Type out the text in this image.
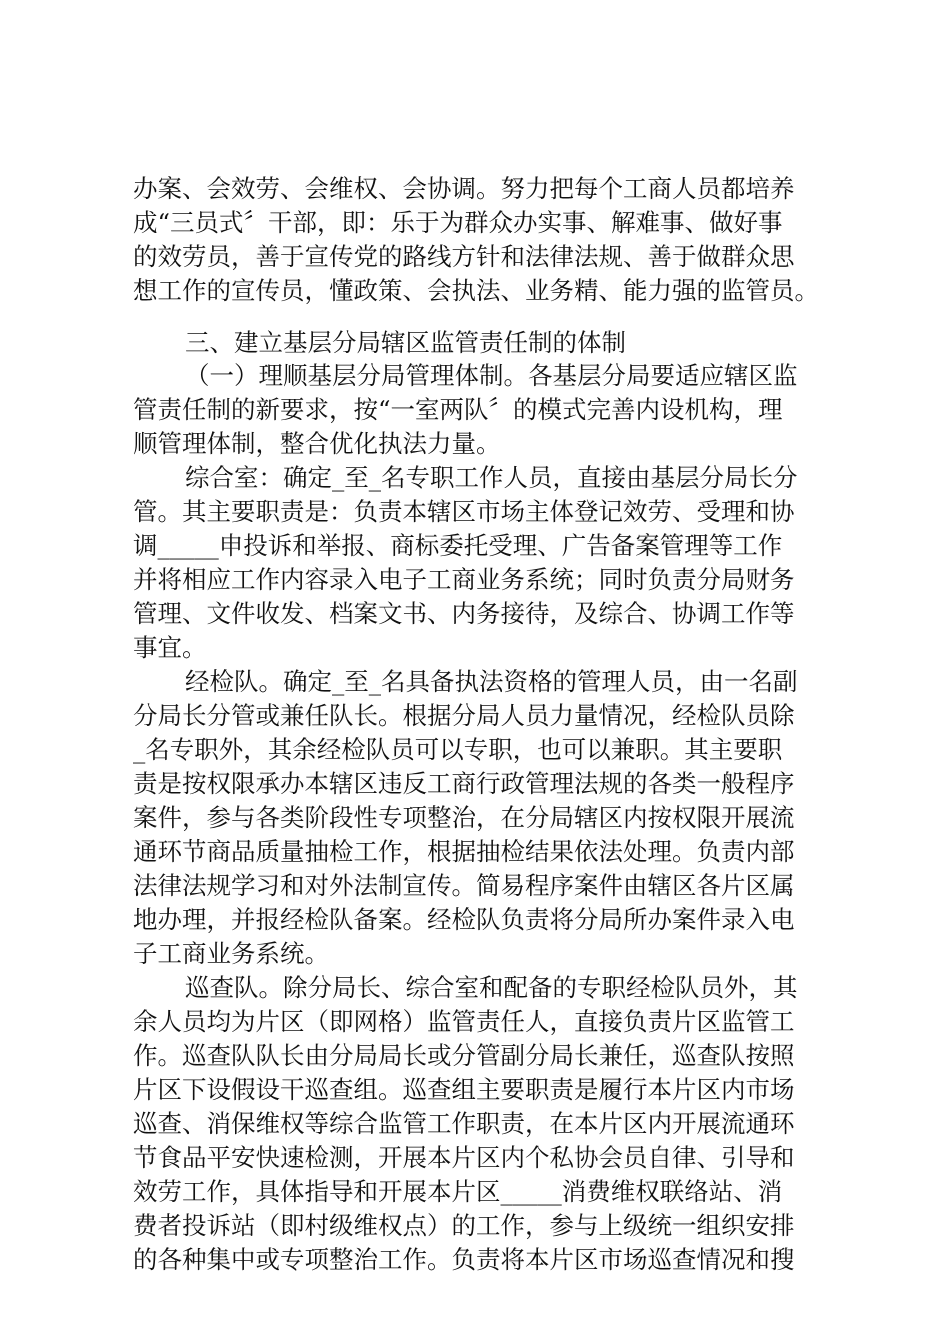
办案、会效劳、会维权、会协调。努力把每个工商人员都培养
成“三员式〞干部，即：乐于为群众办实事、解难事、做好事
的效劳员，善于宣传党的路线方针和法律法规、善于做群众思
想工作的宣传员，懂政策、会执法、业务精、能力强的监管员。
三、建立基层分局辖区监管责任制的体制
（一）理顺基层分局管理体制。各基层分局要适应辖区监
管责任制的新要求，按“一室两队〞的模式完善内设机构，理
顺管理体制，整合优化执法力量。
综合室：确定_至_名专职工作人员，直接由基层分局长分
管。其主要职责是：负责本辖区市场主体登记效劳、受理和协
调_____申投诉和举报、商标委托受理、广告备案管理等工作
并将相应工作内容录入电子工商业务系统；同时负责分局财务
管理、文件收发、档案文书、内务接待，及综合、协调工作等
事宜。
经检队。确定_至_名具备执法资格的管理人员，由一名副
分局长分管或兼任队长。根据分局人员力量情况，经检队员除
_名专职外，其余经检队员可以专职，也可以兼职。其主要职
责是按权限承办本辖区违反工商行政管理法规的各类一般程序
案件，参与各类阶段性专项整治，在分局辖区内按权限开展流
通环节商品质量抽检工作，根据抽检结果依法处理。负责内部
法律法规学习和对外法制宣传。简易程序案件由辖区各片区属
地办理，并报经检队备案。经检队负责将分局所办案件录入电
子工商业务系统。
巡查队。除分局长、综合室和配备的专职经检队员外，其
余人员均为片区（即网格）监管责任人，直接负责片区监管工
作。巡查队队长由分局局长或分管副分局长兼任，巡查队按照
片区下设假设干巡查组。巡查组主要职责是履行本片区内市场
巡查、消保维权等综合监管工作职责，在本片区内开展流通环
节食品平安快速检测，开展本片区内个私协会员自律、引导和
效劳工作，具体指导和开展本片区_____消费维权联络站、消
费者投诉站（即村级维权点）的工作，参与上级统一组织安排
的各种集中或专项整治工作。负责将本片区市场巡查情况和搜
